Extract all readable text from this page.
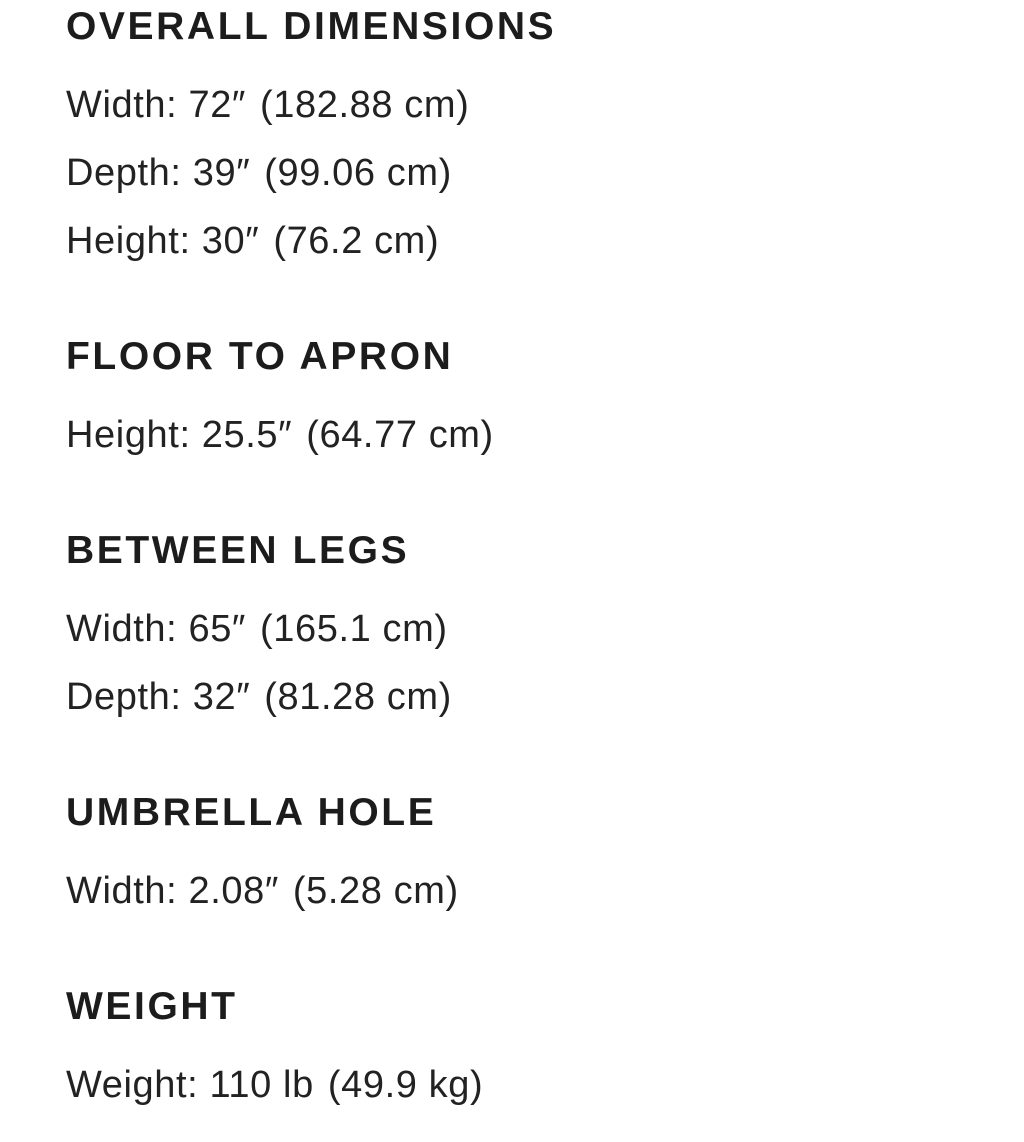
OVERALL DIMENSIONS

Width: 72″ (182.88 cm)

Depth: 39″ (99.06 cm)

Height: 30″ (76.2 cm)

FLOOR TO APRON

Height: 25.5″ (64.77 cm)

BETWEEN LEGS

Width: 65″ (165.1 cm)

Depth: 32″ (81.28 cm)

UMBRELLA HOLE

Width: 2.08″ (5.28 cm)

WEIGHT

Weight: 110 lb (49.9 kg)
